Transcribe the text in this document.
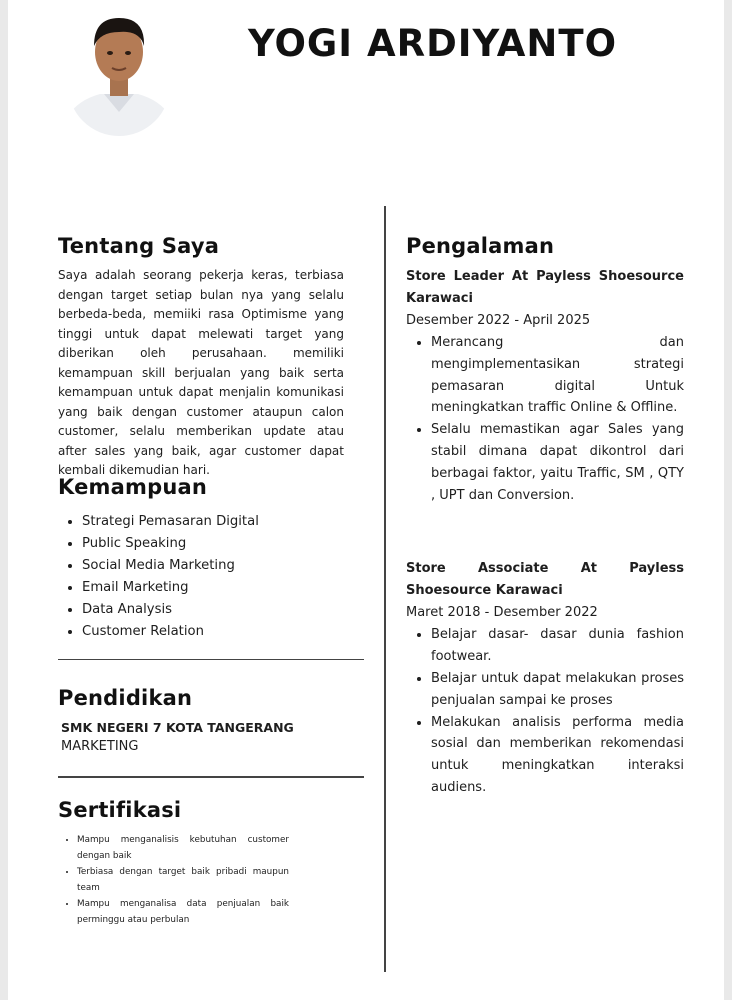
YOGI ARDIYANTO
Tentang Saya

Saya adalah seorang pekerja keras, terbiasa dengan target setiap bulan nya yang selalu berbeda-beda, memiiki rasa Optimisme yang tinggi untuk dapat melewati target yang diberikan oleh perusahaan. memiliki kemampuan skill berjualan yang baik serta kemampuan untuk dapat menjalin komunikasi yang baik dengan customer ataupun calon customer, selalu memberikan update atau after sales yang baik, agar customer dapat kembali dikemudian hari.

Kemampuan
• Strategi Pemasaran Digital
• Public Speaking
• Social Media Marketing
• Email Marketing
• Data Analysis
• Customer Relation
Pendidikan
SMK NEGERI 7 KOTA TANGERANG
MARKETING
Sertifikasi
• Mampu menganalisis kebutuhan customer dengan baik
• Terbiasa dengan target baik pribadi maupun team
• Mampu menganalisa data penjualan baik perminggu atau perbulan
Pengalaman
Store Leader At Payless Shoesource Karawaci
Desember 2022 - April 2025
• Merancang dan mengimplementasikan strategi pemasaran digital Untuk meningkatkan traffic Online & Offline.
• Selalu memastikan agar Sales yang stabil dimana dapat dikontrol dari berbagai faktor, yaitu Traffic, SM , QTY , UPT dan Conversion.
Store Associate At Payless Shoesource Karawaci
Maret 2018 - Desember 2022
• Belajar dasar- dasar dunia fashion footwear.
• Belajar untuk dapat melakukan proses penjualan sampai ke proses
• Melakukan analisis performa media sosial dan memberikan rekomendasi untuk meningkatkan interaksi audiens.
